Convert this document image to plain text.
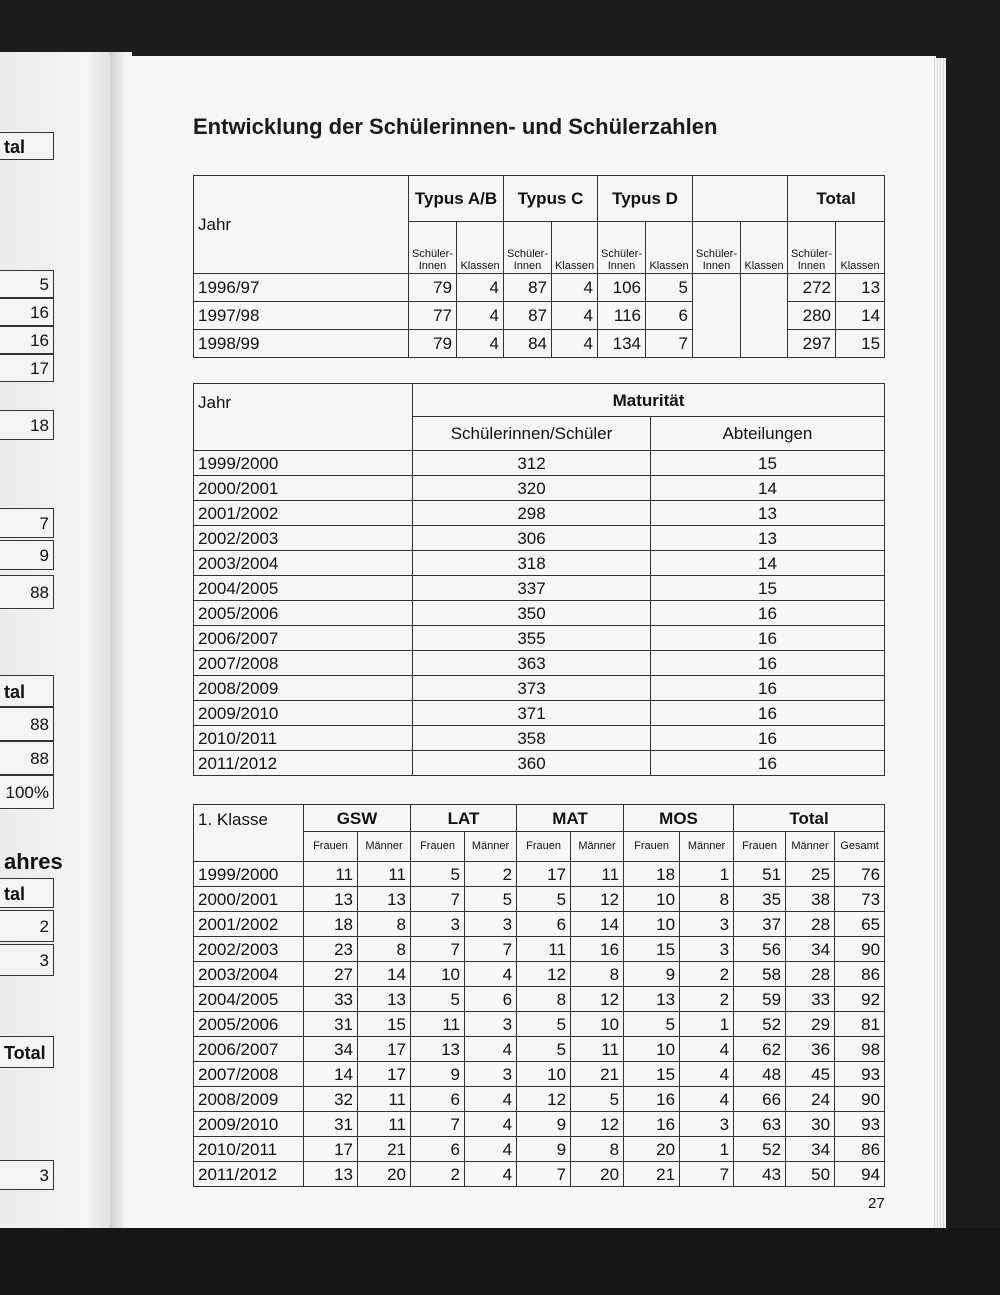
tal
5
16
16
17
18
7
9
88
tal
88
88
100%
ahres
tal
2
3
Total
3
Entwicklung der Schülerinnen- und Schülerzahlen
Jahr	Typus A/B		Typus C		Typus D				Total	
	Schüler-Innen	Klassen	Schüler-Innen	Klassen	Schüler-Innen	Klassen	Schüler-Innen	Klassen	Schüler-Innen	Klassen
1996/97	79	4	87	4	106	5			272	13
1997/98	77	4	87	4	116	6			280	14
1998/99	79	4	84	4	134	7			297	15
Jahr	Maturität	
	Schülerinnen/Schüler	Abteilungen
1999/2000	312	15
2000/2001	320	14
2001/2002	298	13
2002/2003	306	13
2003/2004	318	14
2004/2005	337	15
2005/2006	350	16
2006/2007	355	16
2007/2008	363	16
2008/2009	373	16
2009/2010	371	16
2010/2011	358	16
2011/2012	360	16
1. Klasse	GSW		LAT		MAT		MOS		Total		
	Frauen	Männer	Frauen	Männer	Frauen	Männer	Frauen	Männer	Frauen	Männer	Gesamt
1999/2000	11	11	5	2	17	11	18	1	51	25	76
2000/2001	13	13	7	5	5	12	10	8	35	38	73
2001/2002	18	8	3	3	6	14	10	3	37	28	65
2002/2003	23	8	7	7	11	16	15	3	56	34	90
2003/2004	27	14	10	4	12	8	9	2	58	28	86
2004/2005	33	13	5	6	8	12	13	2	59	33	92
2005/2006	31	15	11	3	5	10	5	1	52	29	81
2006/2007	34	17	13	4	5	11	10	4	62	36	98
2007/2008	14	17	9	3	10	21	15	4	48	45	93
2008/2009	32	11	6	4	12	5	16	4	66	24	90
2009/2010	31	11	7	4	9	12	16	3	63	30	93
2010/2011	17	21	6	4	9	8	20	1	52	34	86
2011/2012	13	20	2	4	7	20	21	7	43	50	94
27
